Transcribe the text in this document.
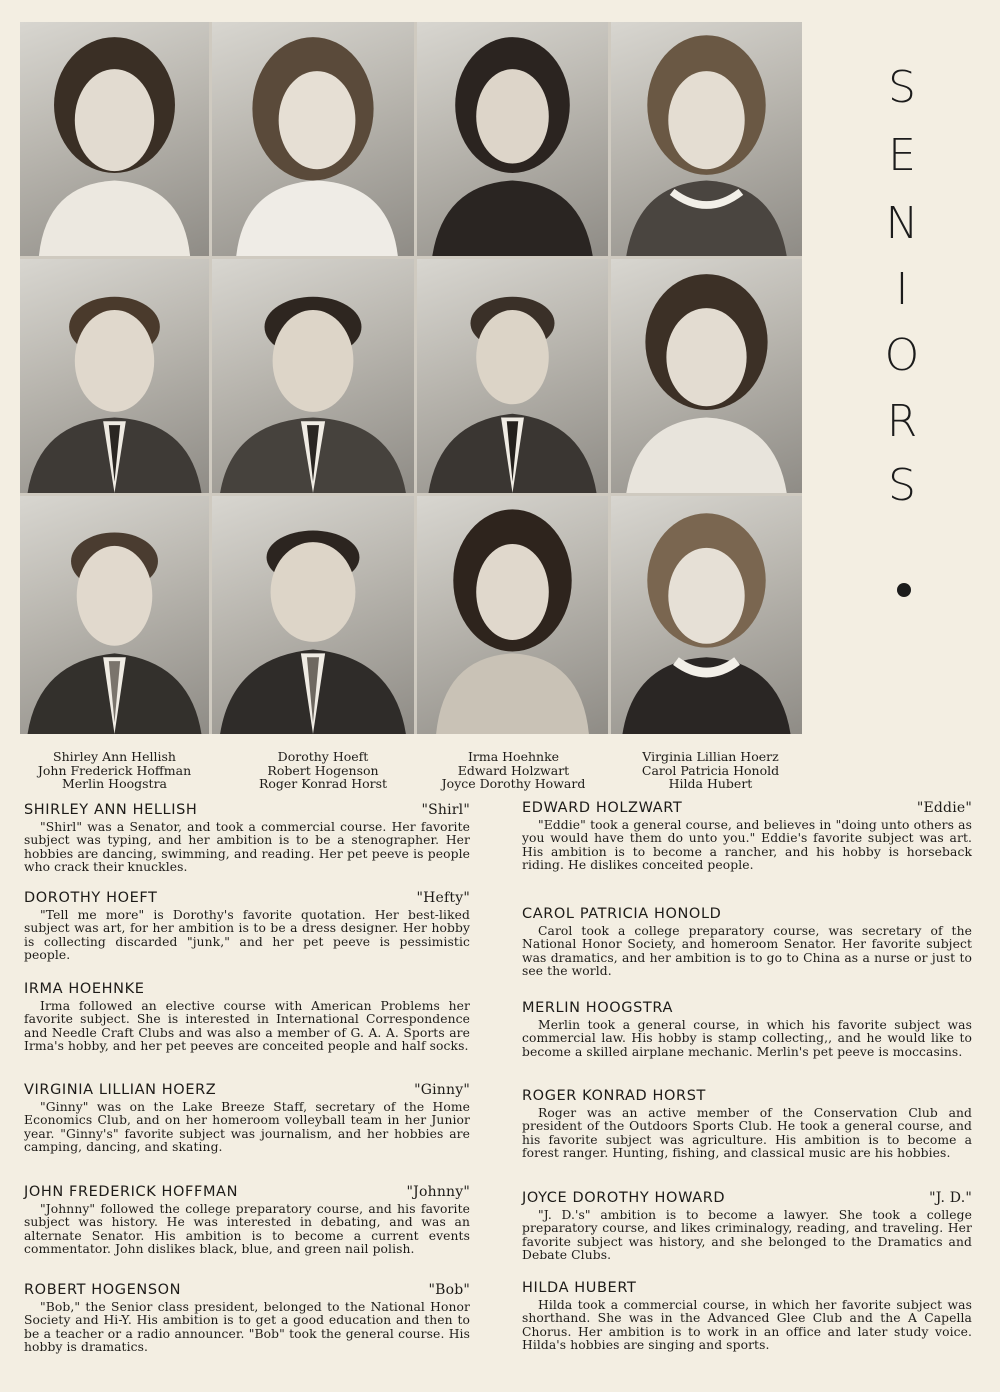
S
E
N
I
O
R
S
Shirley Ann Hellish
John Frederick Hoffman
Merlin Hoogstra
Dorothy Hoeft
Robert Hogenson
Roger Konrad Horst
Irma Hoehnke
Edward Holzwart
Joyce Dorothy Howard
Virginia Lillian Hoerz
Carol Patricia Honold
Hilda Hubert
SHIRLEY ANN HELLISH	"Shirl"
"Shirl" was a Senator, and took a commercial course. Her favorite subject was typing, and her ambition is to be a stenographer. Her hobbies are dancing, swimming, and reading. Her pet peeve is people who crack their knuckles.
DOROTHY HOEFT	"Hefty"
"Tell me more" is Dorothy's favorite quotation. Her best-liked subject was art, for her ambition is to be a dress designer. Her hobby is collecting discarded "junk," and her pet peeve is pessimistic people.
IRMA HOEHNKE
Irma followed an elective course with American Problems her favorite subject. She is interested in International Correspondence and Needle Craft Clubs and was also a member of G. A. A. Sports are Irma's hobby, and her pet peeves are conceited people and half socks.
VIRGINIA LILLIAN HOERZ	"Ginny"
"Ginny" was on the Lake Breeze Staff, secretary of the Home Economics Club, and on her homeroom volleyball team in her Junior year. "Ginny's" favorite subject was journalism, and her hobbies are camping, dancing, and skating.
JOHN FREDERICK HOFFMAN	"Johnny"
"Johnny" followed the college preparatory course, and his favorite subject was history. He was interested in debating, and was an alternate Senator. His ambition is to become a current events commentator. John dislikes black, blue, and green nail polish.
ROBERT HOGENSON	"Bob"
"Bob," the Senior class president, belonged to the National Honor Society and Hi-Y. His ambition is to get a good education and then to be a teacher or a radio announcer. "Bob" took the general course. His hobby is dramatics.
EDWARD HOLZWART	"Eddie"
"Eddie" took a general course, and believes in "doing unto others as you would have them do unto you." Eddie's favorite subject was art. His ambition is to become a rancher, and his hobby is horseback riding. He dislikes conceited people.
CAROL PATRICIA HONOLD
Carol took a college preparatory course, was secretary of the National Honor Society, and homeroom Senator. Her favorite subject was dramatics, and her ambition is to go to China as a nurse or just to see the world.
MERLIN HOOGSTRA
Merlin took a general course, in which his favorite subject was commercial law. His hobby is stamp collecting,, and he would like to become a skilled airplane mechanic. Merlin's pet peeve is moccasins.
ROGER KONRAD HORST
Roger was an active member of the Conservation Club and president of the Outdoors Sports Club. He took a general course, and his favorite subject was agriculture. His ambition is to become a forest ranger. Hunting, fishing, and classical music are his hobbies.
JOYCE DOROTHY HOWARD	"J. D."
"J. D.'s" ambition is to become a lawyer. She took a college preparatory course, and likes criminalogy, reading, and traveling. Her favorite subject was history, and she belonged to the Dramatics and Debate Clubs.
HILDA HUBERT
Hilda took a commercial course, in which her favorite subject was shorthand. She was in the Advanced Glee Club and the A Capella Chorus. Her ambition is to work in an office and later study voice. Hilda's hobbies are singing and sports.
